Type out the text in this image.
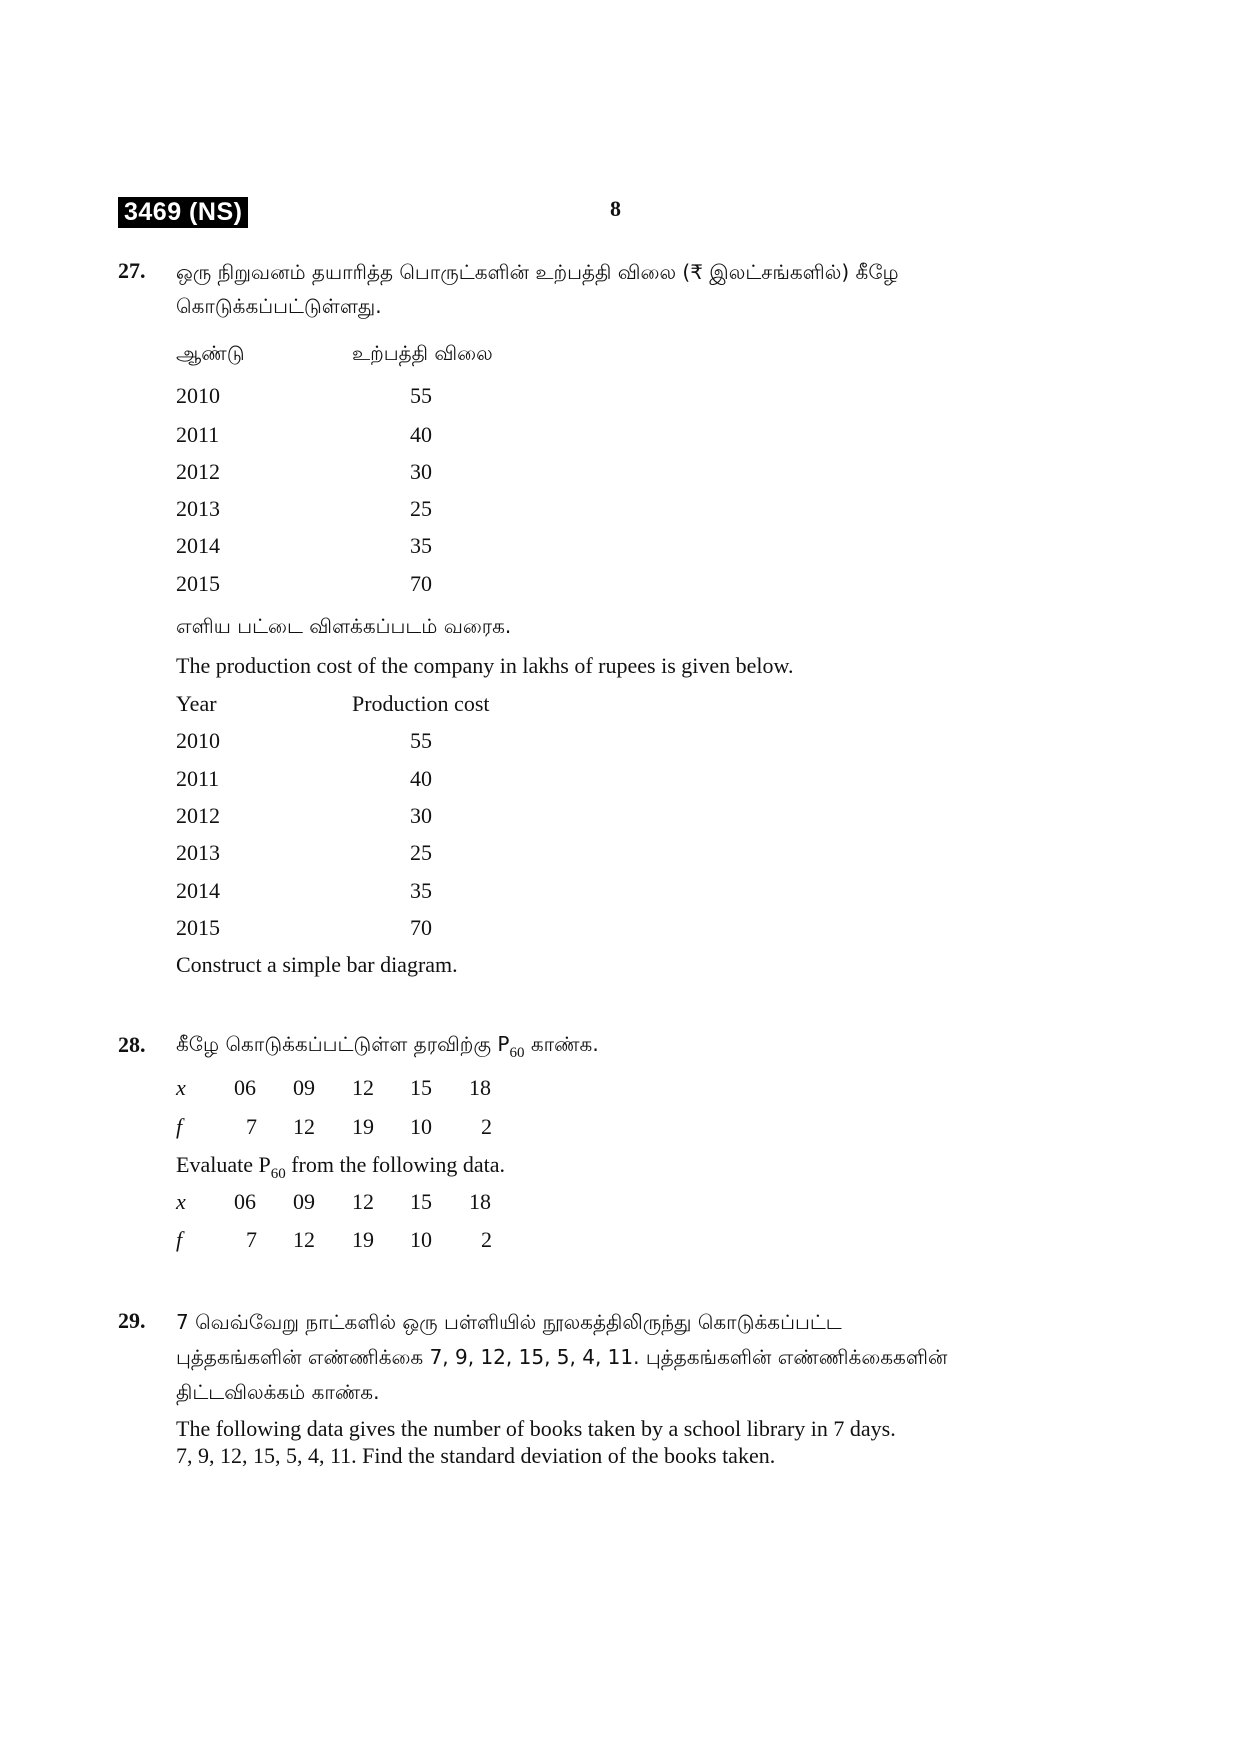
3469 (NS)	8
27. ஒரு நிறுவனம் தயாரித்த பொருட்களின் உற்பத்தி விலை (₹ இலட்சங்களில்) கீழே
கொடுக்கப்பட்டுள்ளது.
ஆண்டு	உற்பத்தி விலை
2010	55
2011	40
2012	30
2013	25
2014	35
2015	70
எளிய பட்டை விளக்கப்படம் வரைக.
The production cost of the company in lakhs of rupees is given below.
Year	Production cost
2010	55
2011	40
2012	30
2013	25
2014	35
2015	70
Construct a simple bar diagram.
28. கீழே கொடுக்கப்பட்டுள்ள தரவிற்கு P60 காண்க.
x 06 09 12 15 18
f	7 12 19 10 2
Evaluate $P_{60}$ from the following data.
x 06 09 12 15 18
f	7 12 19 10 2
29. 7 வெவ்வேறு நாட்களில் ஒரு பள்ளியில் நூலகத்திலிருந்து கொடுக்கப்பட்ட
புத்தகங்களின் எண்ணிக்கை 7, 9, 12, 15, 5, 4, 11. புத்தகங்களின் எண்ணிக்கைகளின்
திட்டவிலக்கம் காண்க.
The following data gives the number of books taken by a school library in 7 days.
7, 9, 12, 15, 5, 4, 11. Find the standard deviation of the books taken.
